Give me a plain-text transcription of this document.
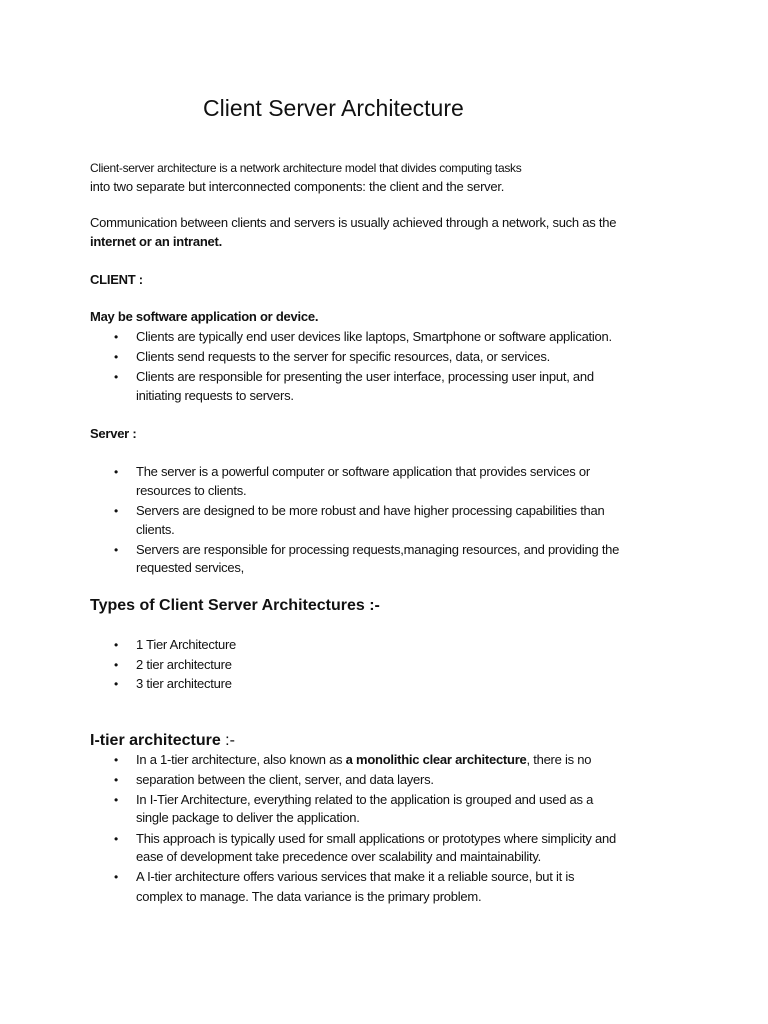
Client Server Architecture
Client-server architecture is a network architecture model that divides computing tasks
into two separate but interconnected components: the client and the server.
Communication between clients and servers is usually achieved through a network, such as the
internet or an intranet.
CLIENT :
May be software application or device.
• Clients are typically end user devices like laptops, Smartphone or software application.
• Clients send requests to the server for specific resources, data, or services.
• Clients are responsible for presenting the user interface, processing user input, and
initiating requests to servers.
Server :
• The server is a powerful computer or software application that provides services or
resources to clients.
• Servers are designed to be more robust and have higher processing capabilities than
clients.
• Servers are responsible for processing requests,managing resources, and providing the
requested services,
Types of Client Server Architectures :-
• 1 Tier Architecture
• 2 tier architecture
• 3 tier architecture
I-tier architecture :-
• In a 1-tier architecture, also known as a monolithic clear architecture, there is no
• separation between the client, server, and data layers.
• In I-Tier Architecture, everything related to the application is grouped and used as a
single package to deliver the application.
• This approach is typically used for small applications or prototypes where simplicity and
ease of development take precedence over scalability and maintainability.
• A I-tier architecture offers various services that make it a reliable source, but it is
complex to manage. The data variance is the primary problem.
